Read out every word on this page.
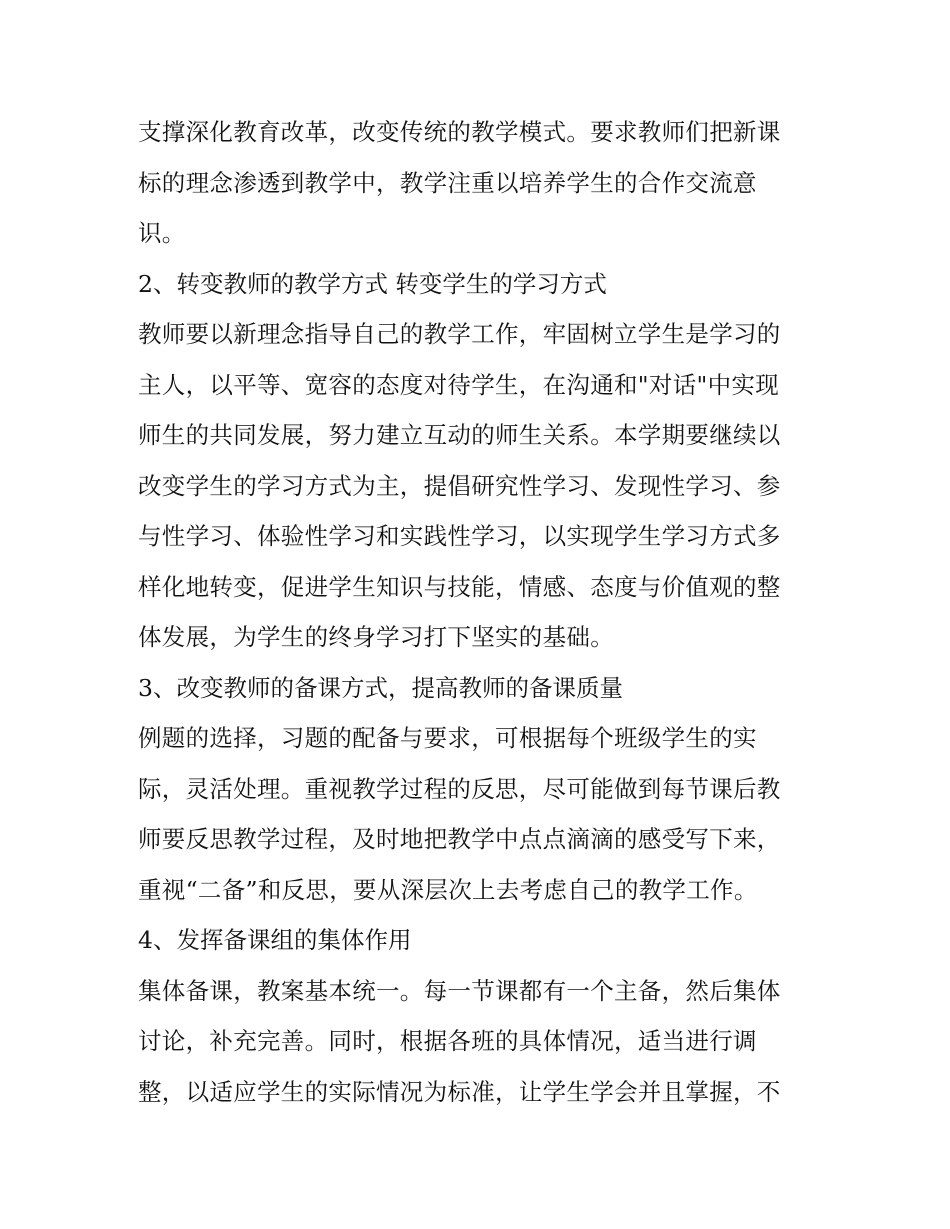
支撑深化教育改革，改变传统的教学模式。要求教师们把新课
标的理念渗透到教学中，教学注重以培养学生的合作交流意
识。
2、转变教师的教学方式 转变学生的学习方式
教师要以新理念指导自己的教学工作，牢固树立学生是学习的
主人，以平等、宽容的态度对待学生，在沟通和"对话"中实现
师生的共同发展，努力建立互动的师生关系。本学期要继续以
改变学生的学习方式为主，提倡研究性学习、发现性学习、参
与性学习、体验性学习和实践性学习，以实现学生学习方式多
样化地转变，促进学生知识与技能，情感、态度与价值观的整
体发展，为学生的终身学习打下坚实的基础。
3、改变教师的备课方式，提高教师的备课质量
例题的选择，习题的配备与要求，可根据每个班级学生的实
际，灵活处理。重视教学过程的反思，尽可能做到每节课后教
师要反思教学过程，及时地把教学中点点滴滴的感受写下来，
重视“二备”和反思，要从深层次上去考虑自己的教学工作。
4、发挥备课组的集体作用
集体备课，教案基本统一。每一节课都有一个主备，然后集体
讨论，补充完善。同时，根据各班的具体情况，适当进行调
整，以适应学生的实际情况为标准，让学生学会并且掌握，不
